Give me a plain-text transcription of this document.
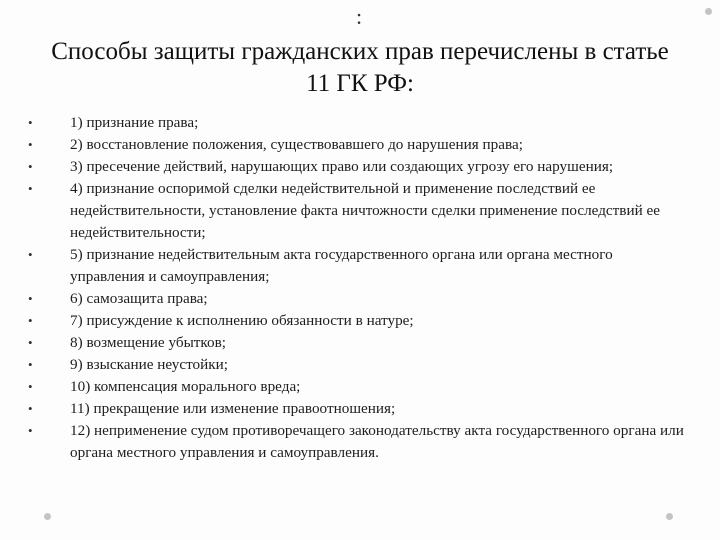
:
Способы защиты гражданских прав перечислены в статье 11 ГК РФ:
• 1) признание права;
• 2) восстановление положения, существовавшего до нарушения права;
• 3) пресечение действий, нарушающих право или создающих угрозу его нарушения;
• 4) признание оспоримой сделки недействительной и применение последствий ее недействительности, установление факта ничтожности сделки применение последствий ее недействительности;
• 5) признание недействительным акта государственного органа или органа местного управления и самоуправления;
• 6) самозащита права;
• 7) присуждение к исполнению обязанности в натуре;
• 8) возмещение убытков;
• 9) взыскание неустойки;
• 10) компенсация морального вреда;
• 11) прекращение или изменение правоотношения;
• 12) неприменение судом противоречащего законодательству акта государственного органа или органа местного управления и самоуправления.
